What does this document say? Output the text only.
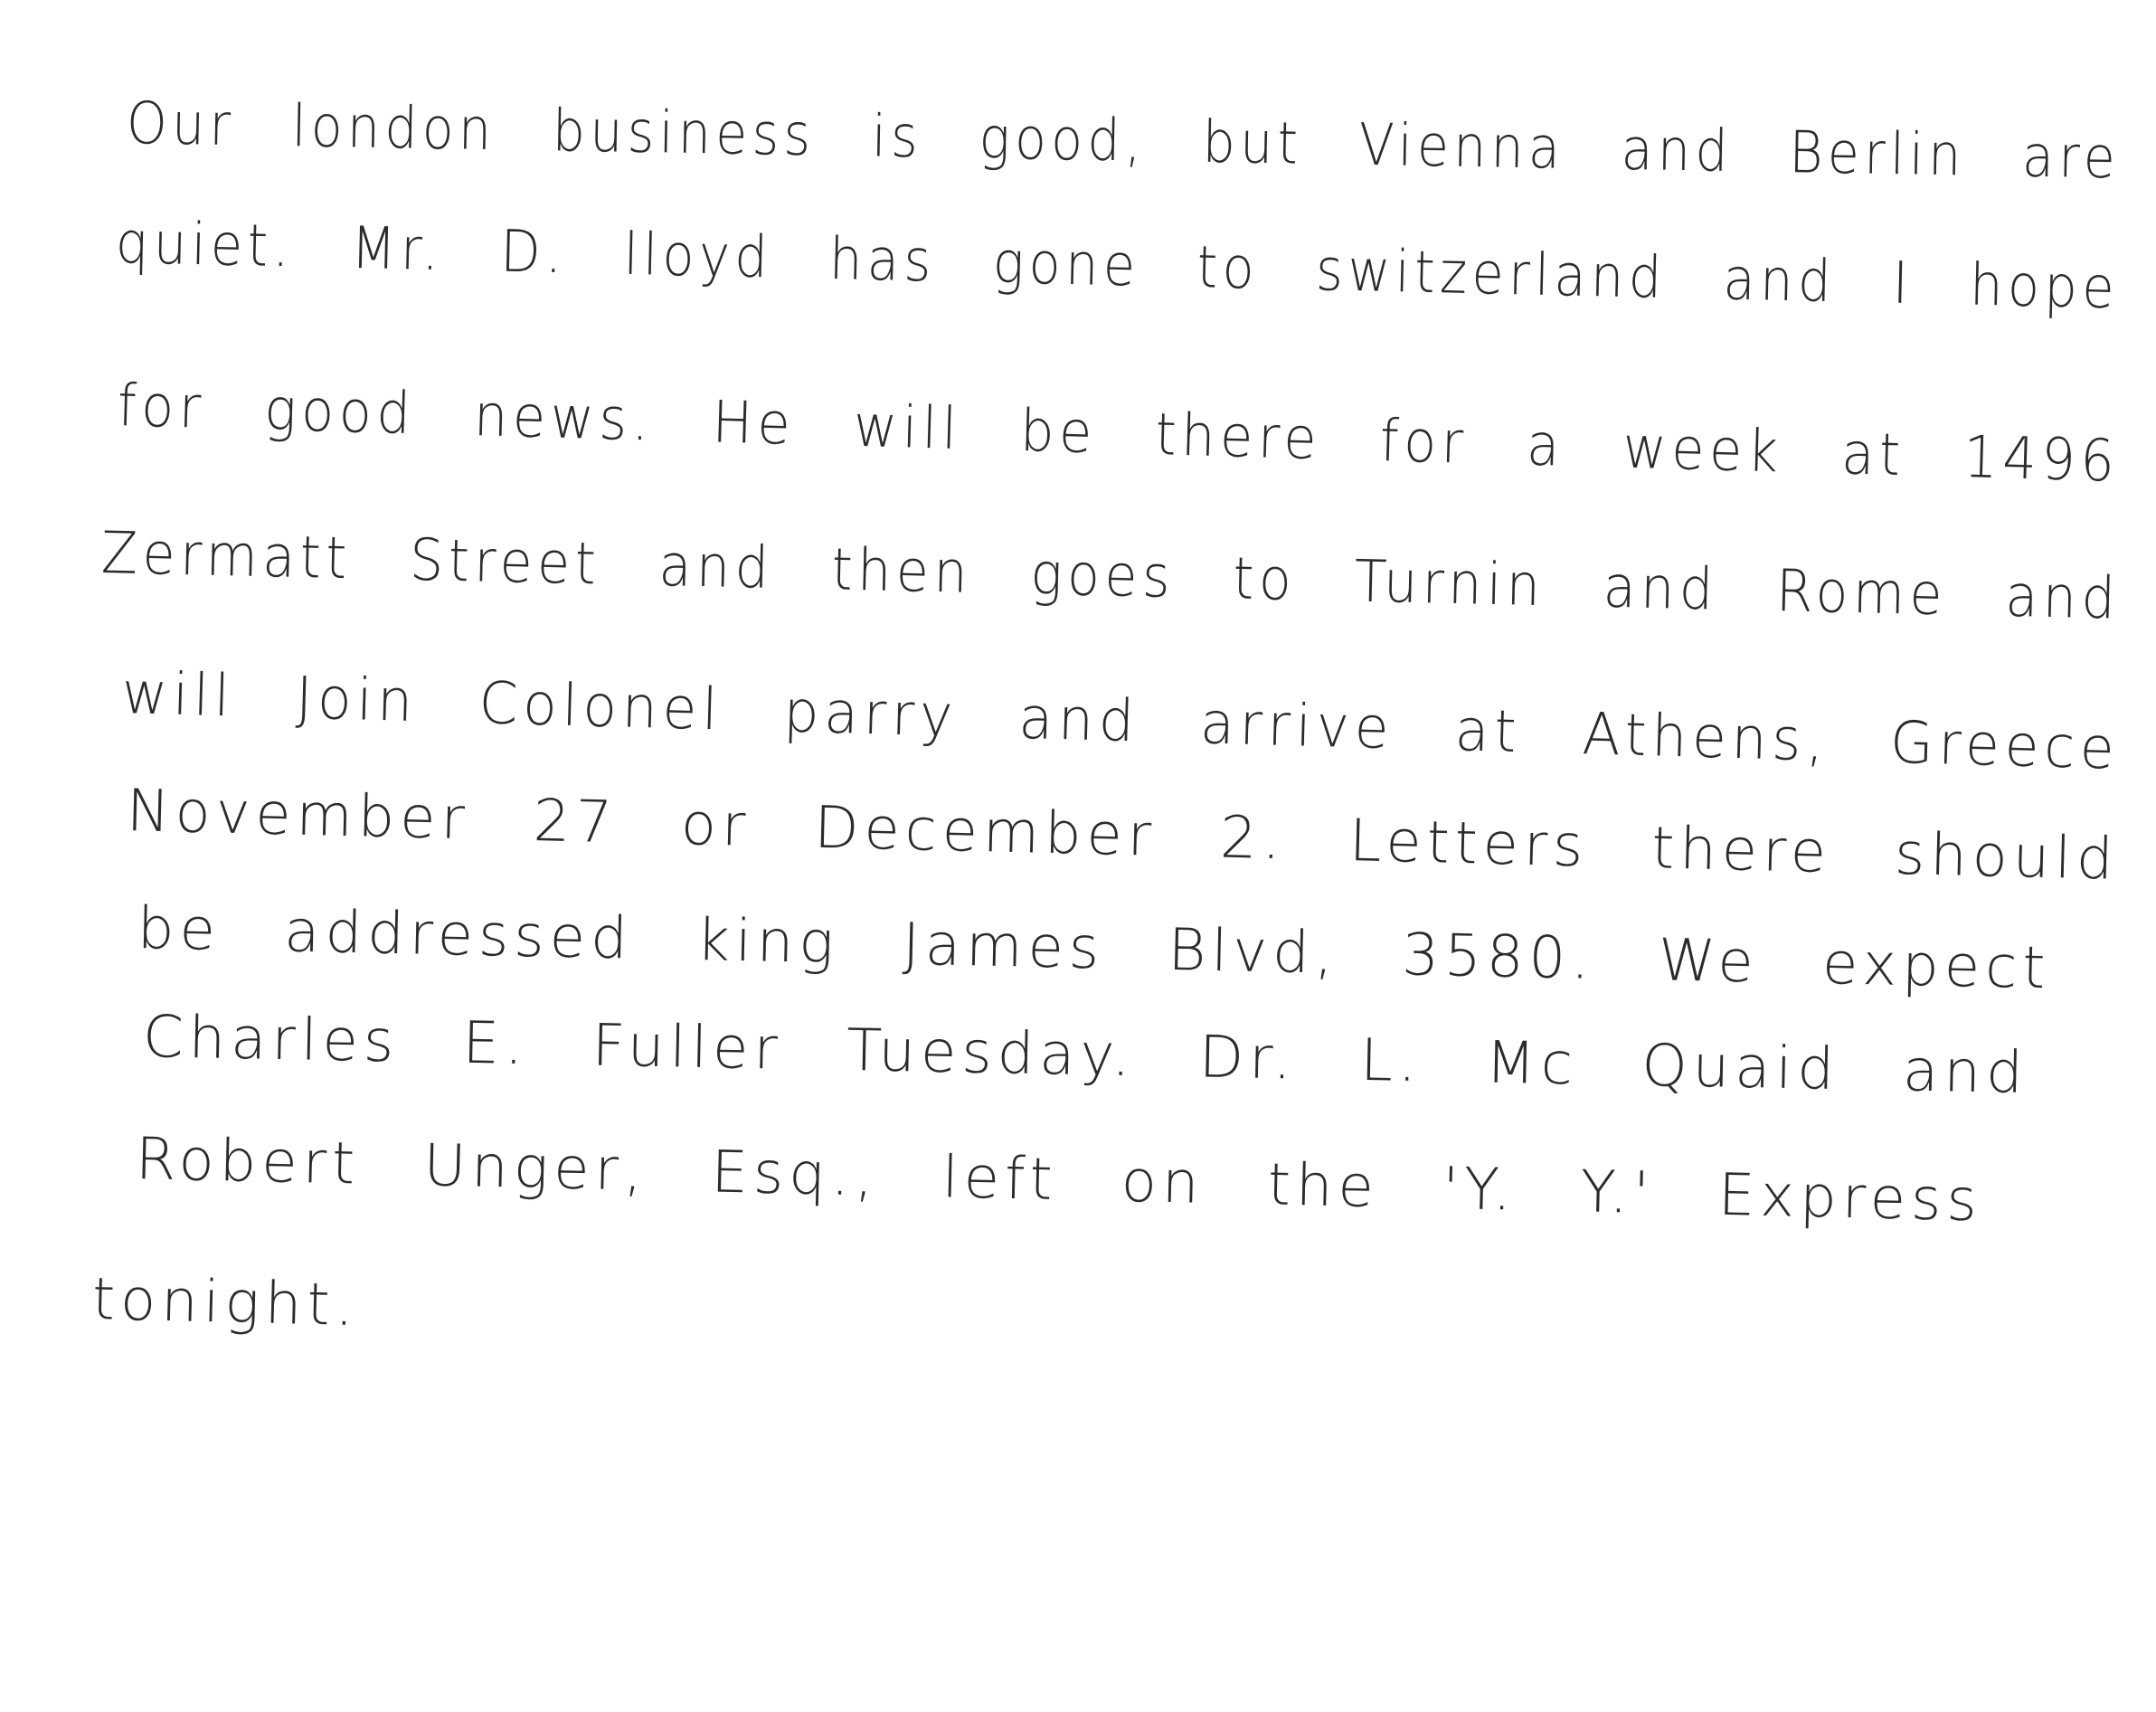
Our london business is good, but Vienna and Berlin are

quiet. Mr. D. lloyd has gone to switzerland and I hope

for good news. He will be there for a week at 1496

Zermatt Street and then goes to Turnin and Rome and

will Join Colonel parry and arrive at Athens, Greece

November 27 or December 2. Letters there should

be addressed king James Blvd, 3580. We expect

Charles E. Fuller Tuesday. Dr. L. Mc Quaid and

Robert Unger, Esq., left on the 'Y. Y.' Express

tonight.
